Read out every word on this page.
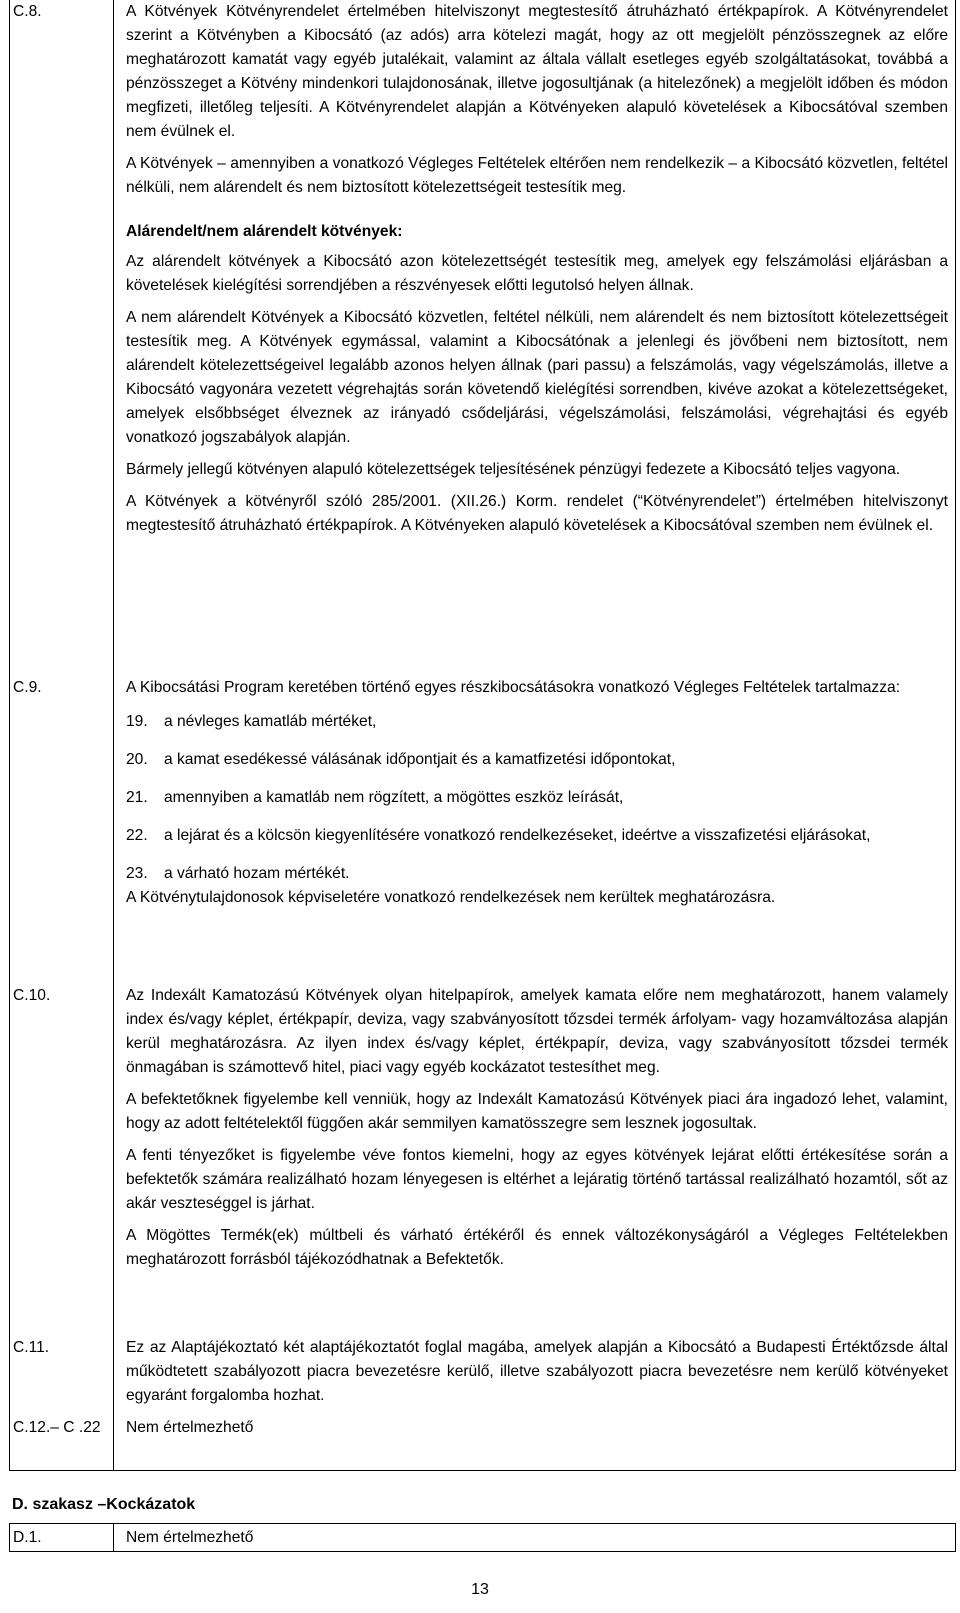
C.8.	A Kötvények Kötvényrendelet értelmében hitelviszonyt megtestesítő átruházható értékpapírok. A Kötvényrendelet szerint a Kötvényben a Kibocsátó (az adós) arra kötelezi magát, hogy az ott megjelölt pénzösszegnek az előre meghatározott kamatát vagy egyéb jutalékait, valamint az általa vállalt esetleges egyéb szolgáltatásokat, továbbá a pénzösszeget a Kötvény mindenkori tulajdonosának, illetve jogosultjának (a hitelezőnek) a megjelölt időben és módon megfizeti, illetőleg teljesíti. A Kötvényrendelet alapján a Kötvényeken alapuló követelések a Kibocsátóval szemben nem évülnek el.

A Kötvények – amennyiben a vonatkozó Végleges Feltételek eltérően nem rendelkezik – a Kibocsátó közvetlen, feltétel nélküli, nem alárendelt és nem biztosított kötelezettségeit testesítik meg.

Alárendelt/nem alárendelt kötvények:

Az alárendelt kötvények a Kibocsátó azon kötelezettségét testesítik meg, amelyek egy felszámolási eljárásban a követelések kielégítési sorrendjében a részvényesek előtti legutolsó helyen állnak.

A nem alárendelt Kötvények a Kibocsátó közvetlen, feltétel nélküli, nem alárendelt és nem biztosított kötelezettségeit testesítik meg. A Kötvények egymással, valamint a Kibocsátónak a jelenlegi és jövőbeni nem biztosított, nem alárendelt kötelezettségeivel legalább azonos helyen állnak (pari passu) a felszámolás, vagy végelszámolás, illetve a Kibocsátó vagyonára vezetett végrehajtás során követendő kielégítési sorrendben, kivéve azokat a kötelezettségeket, amelyek elsőbbséget élveznek az irányadó csődeljárási, végelszámolási, felszámolási, végrehajtási és egyéb vonatkozó jogszabályok alapján.

Bármely jellegű kötvényen alapuló kötelezettségek teljesítésének pénzügyi fedezete a Kibocsátó teljes vagyona.

A Kötvények a kötvényről szóló 285/2001. (XII.26.) Korm. rendelet (“Kötvényrendelet”) értelmében hitelviszonyt megtestesítő átruházható értékpapírok. A Kötvényeken alapuló követelések a Kibocsátóval szemben nem évülnek el.

C.9.	A Kibocsátási Program keretében történő egyes részkibocsátásokra vonatkozó Végleges Feltételek tartalmazza:

19.	a névleges kamatláb mértéket,
20.	a kamat esedékessé válásának időpontjait és a kamatfizetési időpontokat,
21.	amennyiben a kamatláb nem rögzített, a mögöttes eszköz leírását,
22.	a lejárat és a kölcsön kiegyenlítésére vonatkozó rendelkezéseket, ideértve a visszafizetési eljárásokat,
23.	a várható hozam mértékét.

A Kötvénytulajdonosok képviseletére vonatkozó rendelkezések nem kerültek meghatározásra.

C.10.	Az Indexált Kamatozású Kötvények olyan hitelpapírok, amelyek kamata előre nem meghatározott, hanem valamely index és/vagy képlet, értékpapír, deviza, vagy szabványosított tőzsdei termék árfolyam- vagy hozamváltozása alapján kerül meghatározásra. Az ilyen index és/vagy képlet, értékpapír, deviza, vagy szabványosított tőzsdei termék önmagában is számottevő hitel, piaci vagy egyéb kockázatot testesíthet meg.

A befektetőknek figyelembe kell venniük, hogy az Indexált Kamatozású Kötvények piaci ára ingadozó lehet, valamint, hogy az adott feltételektől függően akár semmilyen kamatösszegre sem lesznek jogosultak.

A fenti tényezőket is figyelembe véve fontos kiemelni, hogy az egyes kötvények lejárat előtti értékesítése során a befektetők számára realizálható hozam lényegesen is eltérhet a lejáratig történő tartással realizálható hozamtól, sőt az akár veszteséggel is járhat.

A Mögöttes Termék(ek) múltbeli és várható értékéről és ennek változékonyságáról a Végleges Feltételekben meghatározott forrásból tájékozódhatnak a Befektetők.

C.11.	Ez az Alaptájékoztató két alaptájékoztatót foglal magába, amelyek alapján a Kibocsátó a Budapesti Értéktőzsde által működtetett szabályozott piacra bevezetésre kerülő, illetve szabályozott piacra bevezetésre nem kerülő kötvényeket egyaránt forgalomba hozhat.

C.12.– C .22 Nem értelmezhető

D. szakasz –Kockázatok
D.1.	Nem értelmezhető
13
